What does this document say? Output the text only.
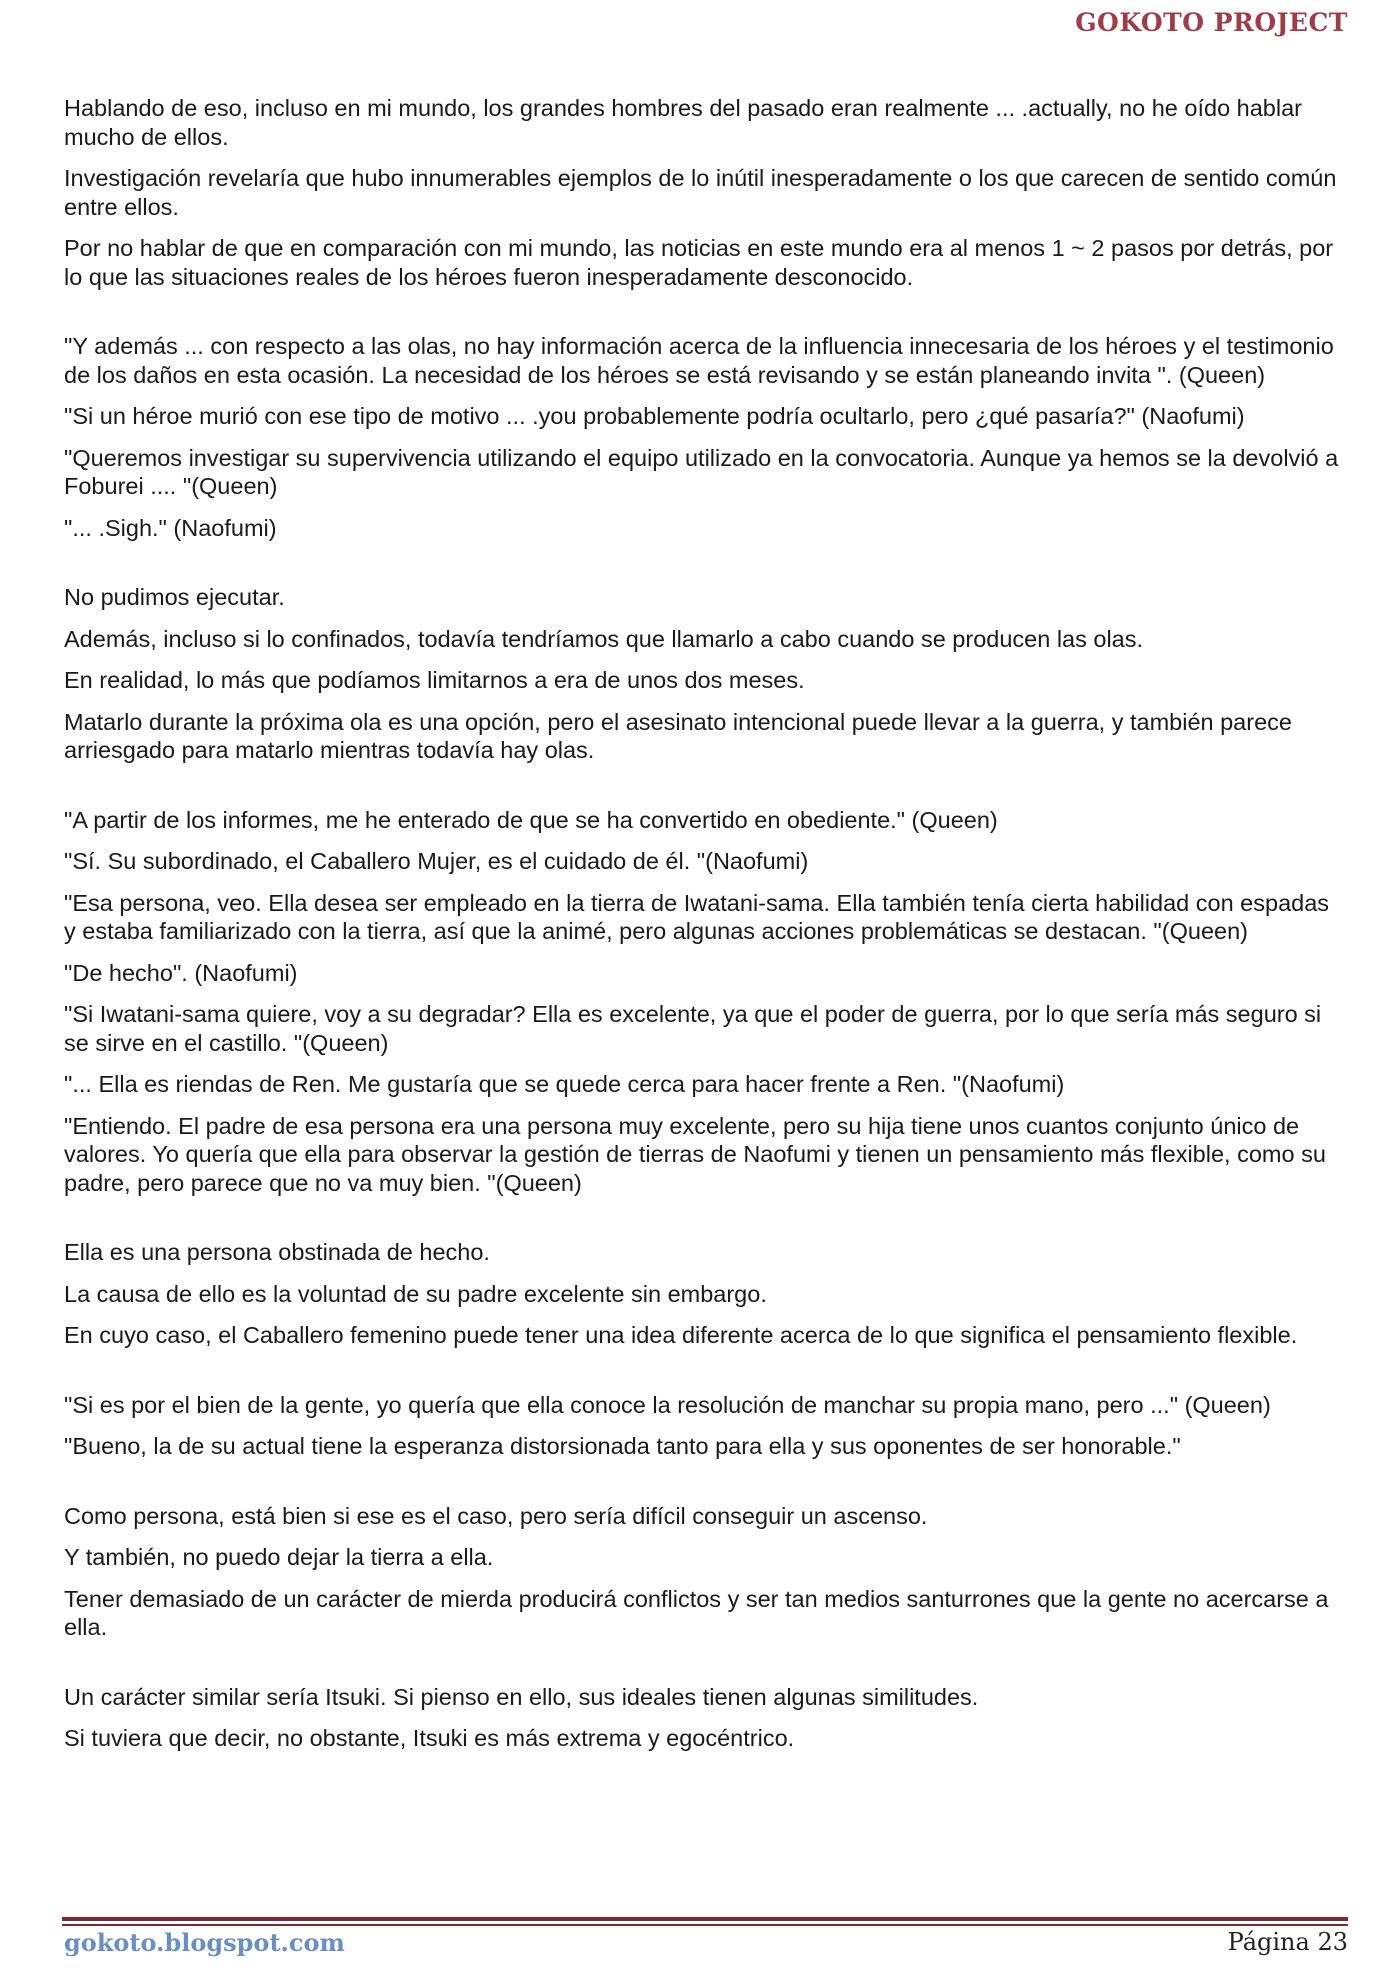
GOKOTO PROJECT

Hablando de eso, incluso en mi mundo, los grandes hombres del pasado eran realmente ... .actually, no he oído hablar mucho de ellos.

Investigación revelaría que hubo innumerables ejemplos de lo inútil inesperadamente o los que carecen de sentido común entre ellos.

Por no hablar de que en comparación con mi mundo, las noticias en este mundo era al menos 1 ~ 2 pasos por detrás, por lo que las situaciones reales de los héroes fueron inesperadamente desconocido.

"Y además ... con respecto a las olas, no hay información acerca de la influencia innecesaria de los héroes y el testimonio de los daños en esta ocasión. La necesidad de los héroes se está revisando y se están planeando invita ". (Queen)

"Si un héroe murió con ese tipo de motivo ... .you probablemente podría ocultarlo, pero ¿qué pasaría?" (Naofumi)

"Queremos investigar su supervivencia utilizando el equipo utilizado en la convocatoria. Aunque ya hemos se la devolvió a Foburei .... "(Queen)

"... .Sigh." (Naofumi)

No pudimos ejecutar.

Además, incluso si lo confinados, todavía tendríamos que llamarlo a cabo cuando se producen las olas.

En realidad, lo más que podíamos limitarnos a era de unos dos meses.

Matarlo durante la próxima ola es una opción, pero el asesinato intencional puede llevar a la guerra, y también parece arriesgado para matarlo mientras todavía hay olas.

"A partir de los informes, me he enterado de que se ha convertido en obediente." (Queen)

"Sí. Su subordinado, el Caballero Mujer, es el cuidado de él. "(Naofumi)

"Esa persona, veo. Ella desea ser empleado en la tierra de Iwatani-sama. Ella también tenía cierta habilidad con espadas y estaba familiarizado con la tierra, así que la animé, pero algunas acciones problemáticas se destacan. "(Queen)

"De hecho". (Naofumi)

"Si Iwatani-sama quiere, voy a su degradar? Ella es excelente, ya que el poder de guerra, por lo que sería más seguro si se sirve en el castillo. "(Queen)

"... Ella es riendas de Ren. Me gustaría que se quede cerca para hacer frente a Ren. "(Naofumi)

"Entiendo. El padre de esa persona era una persona muy excelente, pero su hija tiene unos cuantos conjunto único de valores. Yo quería que ella para observar la gestión de tierras de Naofumi y tienen un pensamiento más flexible, como su padre, pero parece que no va muy bien. "(Queen)

Ella es una persona obstinada de hecho.

La causa de ello es la voluntad de su padre excelente sin embargo.

En cuyo caso, el Caballero femenino puede tener una idea diferente acerca de lo que significa el pensamiento flexible.

"Si es por el bien de la gente, yo quería que ella conoce la resolución de manchar su propia mano, pero ..." (Queen)

"Bueno, la de su actual tiene la esperanza distorsionada tanto para ella y sus oponentes de ser honorable."

Como persona, está bien si ese es el caso, pero sería difícil conseguir un ascenso.

Y también, no puedo dejar la tierra a ella.

Tener demasiado de un carácter de mierda producirá conflictos y ser tan medios santurrones que la gente no acercarse a ella.

Un carácter similar sería Itsuki. Si pienso en ello, sus ideales tienen algunas similitudes.

Si tuviera que decir, no obstante, Itsuki es más extrema y egocéntrico.

gokoto.blogspot.com	Página 23
